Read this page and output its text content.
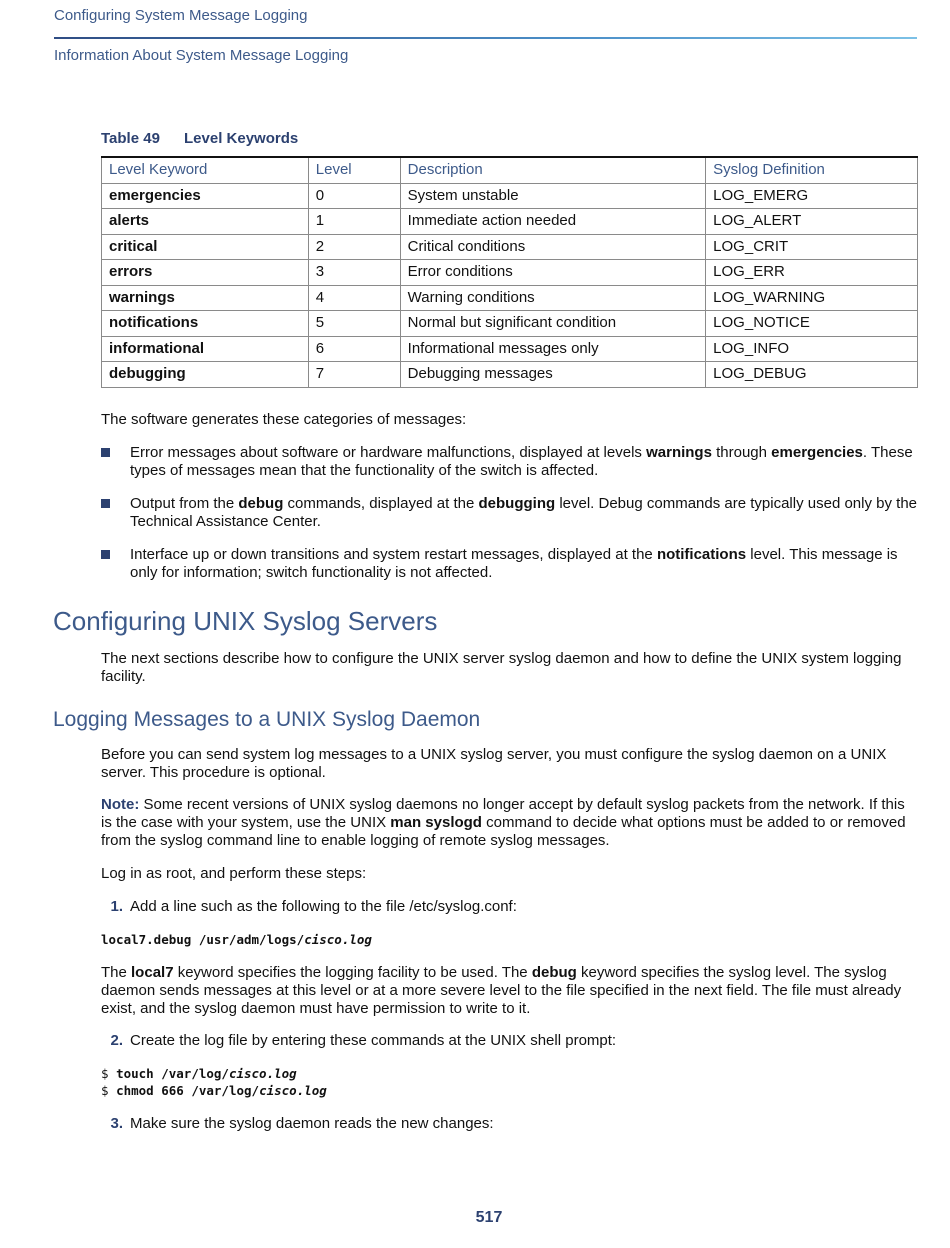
Configuring System Message Logging
Information About System Message Logging
Table 49 Level Keywords
Level Keyword	Level	Description	Syslog Definition
emergencies	0	System unstable	LOG_EMERG
alerts	1	Immediate action needed	LOG_ALERT
critical	2	Critical conditions	LOG_CRIT
errors	3	Error conditions	LOG_ERR
warnings	4	Warning conditions	LOG_WARNING
notifications	5	Normal but significant condition	LOG_NOTICE
informational	6	Informational messages only	LOG_INFO
debugging	7	Debugging messages	LOG_DEBUG
The software generates these categories of messages:
Error messages about software or hardware malfunctions, displayed at levels warnings through emergencies. These types of messages mean that the functionality of the switch is affected.
Output from the debug commands, displayed at the debugging level. Debug commands are typically used only by the Technical Assistance Center.
Interface up or down transitions and system restart messages, displayed at the notifications level. This message is only for information; switch functionality is not affected.
Configuring UNIX Syslog Servers
The next sections describe how to configure the UNIX server syslog daemon and how to define the UNIX system logging facility.
Logging Messages to a UNIX Syslog Daemon
Before you can send system log messages to a UNIX syslog server, you must configure the syslog daemon on a UNIX server. This procedure is optional.
Note: Some recent versions of UNIX syslog daemons no longer accept by default syslog packets from the network. If this is the case with your system, use the UNIX man syslogd command to decide what options must be added to or removed from the syslog command line to enable logging of remote syslog messages.
Log in as root, and perform these steps:
1. Add a line such as the following to the file /etc/syslog.conf:
local7.debug /usr/adm/logs/cisco.log
The local7 keyword specifies the logging facility to be used. The debug keyword specifies the syslog level. The syslog daemon sends messages at this level or at a more severe level to the file specified in the next field. The file must already exist, and the syslog daemon must have permission to write to it.
2. Create the log file by entering these commands at the UNIX shell prompt:
$ touch /var/log/cisco.log
$ chmod 666 /var/log/cisco.log
3. Make sure the syslog daemon reads the new changes:
517
